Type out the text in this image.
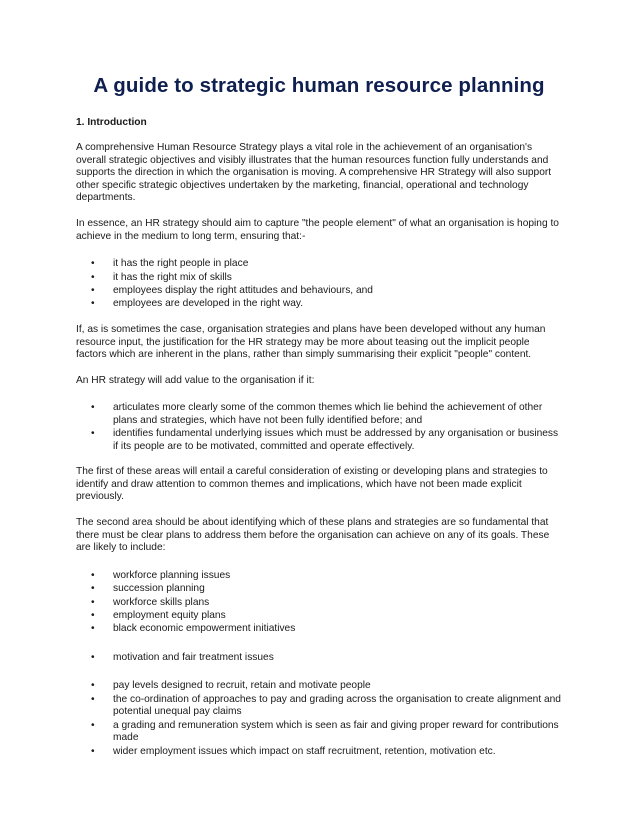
A guide to strategic human resource planning
1. Introduction

A comprehensive Human Resource Strategy plays a vital role in the achievement of an organisation's overall strategic objectives and visibly illustrates that the human resources function fully understands and supports the direction in which the organisation is moving. A comprehensive HR Strategy will also support other specific strategic objectives undertaken by the marketing, financial, operational and technology departments.

In essence, an HR strategy should aim to capture "the people element" of what an organisation is hoping to achieve in the medium to long term, ensuring that:-

• it has the right people in place
• it has the right mix of skills
• employees display the right attitudes and behaviours, and
• employees are developed in the right way.

If, as is sometimes the case, organisation strategies and plans have been developed without any human resource input, the justification for the HR strategy may be more about teasing out the implicit people factors which are inherent in the plans, rather than simply summarising their explicit "people" content.

An HR strategy will add value to the organisation if it:

• articulates more clearly some of the common themes which lie behind the achievement of other plans and strategies, which have not been fully identified before; and
• identifies fundamental underlying issues which must be addressed by any organisation or business if its people are to be motivated, committed and operate effectively.

The first of these areas will entail a careful consideration of existing or developing plans and strategies to identify and draw attention to common themes and implications, which have not been made explicit previously.

The second area should be about identifying which of these plans and strategies are so fundamental that there must be clear plans to address them before the organisation can achieve on any of its goals. These are likely to include:

• workforce planning issues
• succession planning
• workforce skills plans
• employment equity plans
• black economic empowerment initiatives
• motivation and fair treatment issues
• pay levels designed to recruit, retain and motivate people
• the co-ordination of approaches to pay and grading across the organisation to create alignment and potential unequal pay claims
• a grading and remuneration system which is seen as fair and giving proper reward for contributions made
• wider employment issues which impact on staff recruitment, retention, motivation etc.
